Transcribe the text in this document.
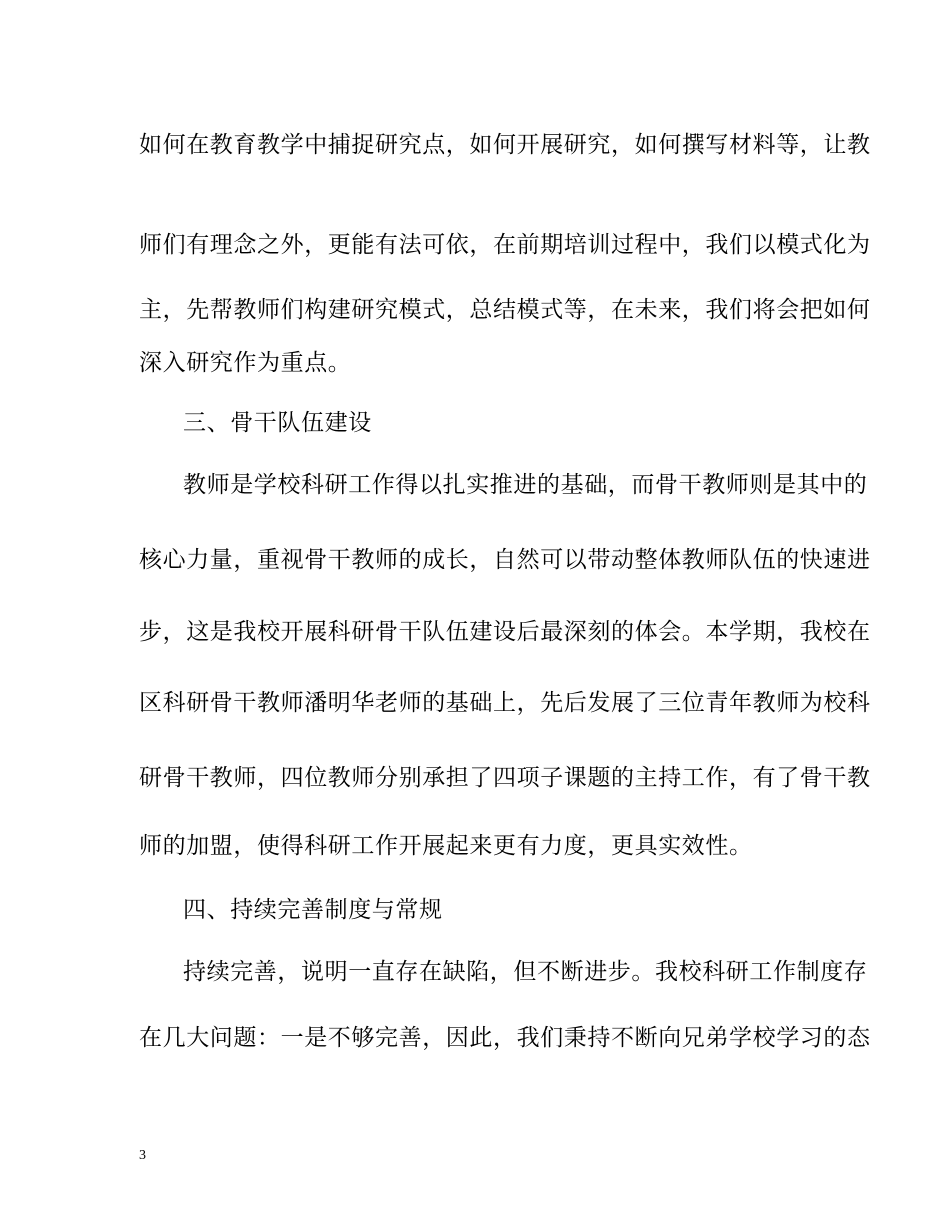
如何在教育教学中捕捉研究点，如何开展研究，如何撰写材料等，让教
师们有理念之外，更能有法可依，在前期培训过程中，我们以模式化为
主，先帮教师们构建研究模式，总结模式等，在未来，我们将会把如何
深入研究作为重点。
三、骨干队伍建设
教师是学校科研工作得以扎实推进的基础，而骨干教师则是其中的
核心力量，重视骨干教师的成长，自然可以带动整体教师队伍的快速进
步，这是我校开展科研骨干队伍建设后最深刻的体会。本学期，我校在
区科研骨干教师潘明华老师的基础上，先后发展了三位青年教师为校科
研骨干教师，四位教师分别承担了四项子课题的主持工作，有了骨干教
师的加盟，使得科研工作开展起来更有力度，更具实效性。
四、持续完善制度与常规
持续完善，说明一直存在缺陷，但不断进步。我校科研工作制度存
在几大问题：一是不够完善，因此，我们秉持不断向兄弟学校学习的态
3
